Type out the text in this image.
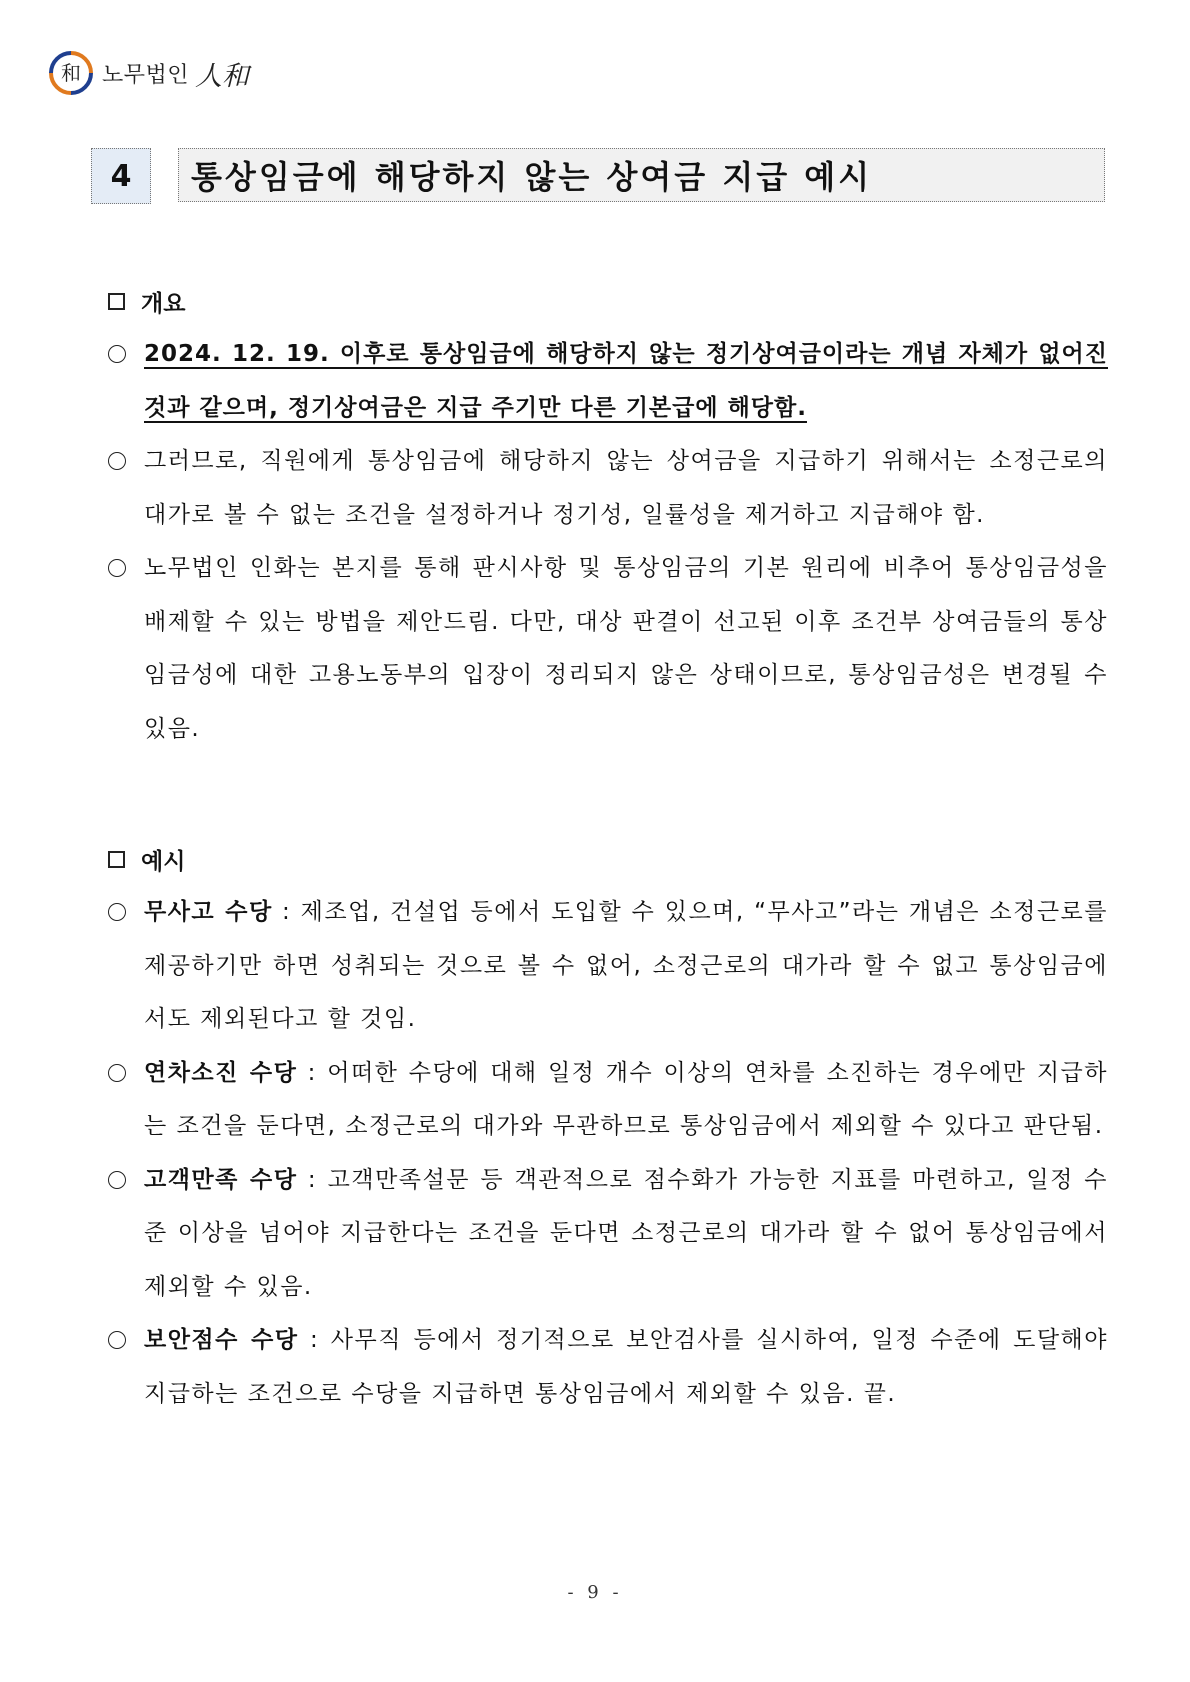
和 노무법인 人和
4	통상임금에 해당하지 않는 상여금 지급 예시
개요
2024. 12. 19. 이후로 통상임금에 해당하지 않는 정기상여금이라는 개념 자체가 없어진 것과 같으며, 정기상여금은 지급 주기만 다른 기본급에 해당함.
그러므로, 직원에게 통상임금에 해당하지 않는 상여금을 지급하기 위해서는 소정근로의 대가로 볼 수 없는 조건을 설정하거나 정기성, 일률성을 제거하고 지급해야 함.
노무법인 인화는 본지를 통해 판시사항 및 통상임금의 기본 원리에 비추어 통상임금성을 배제할 수 있는 방법을 제안드림. 다만, 대상 판결이 선고된 이후 조건부 상여금들의 통상임금성에 대한 고용노동부의 입장이 정리되지 않은 상태이므로, 통상임금성은 변경될 수 있음.
예시
무사고 수당 : 제조업, 건설업 등에서 도입할 수 있으며, “무사고”라는 개념은 소정근로를 제공하기만 하면 성취되는 것으로 볼 수 없어, 소정근로의 대가라 할 수 없고 통상임금에서도 제외된다고 할 것임.
연차소진 수당 : 어떠한 수당에 대해 일정 개수 이상의 연차를 소진하는 경우에만 지급하는 조건을 둔다면, 소정근로의 대가와 무관하므로 통상임금에서 제외할 수 있다고 판단됨.
고객만족 수당 : 고객만족설문 등 객관적으로 점수화가 가능한 지표를 마련하고, 일정 수준 이상을 넘어야 지급한다는 조건을 둔다면 소정근로의 대가라 할 수 없어 통상임금에서 제외할 수 있음.
보안점수 수당 : 사무직 등에서 정기적으로 보안검사를 실시하여, 일정 수준에 도달해야 지급하는 조건으로 수당을 지급하면 통상임금에서 제외할 수 있음. 끝.
- 9 -
